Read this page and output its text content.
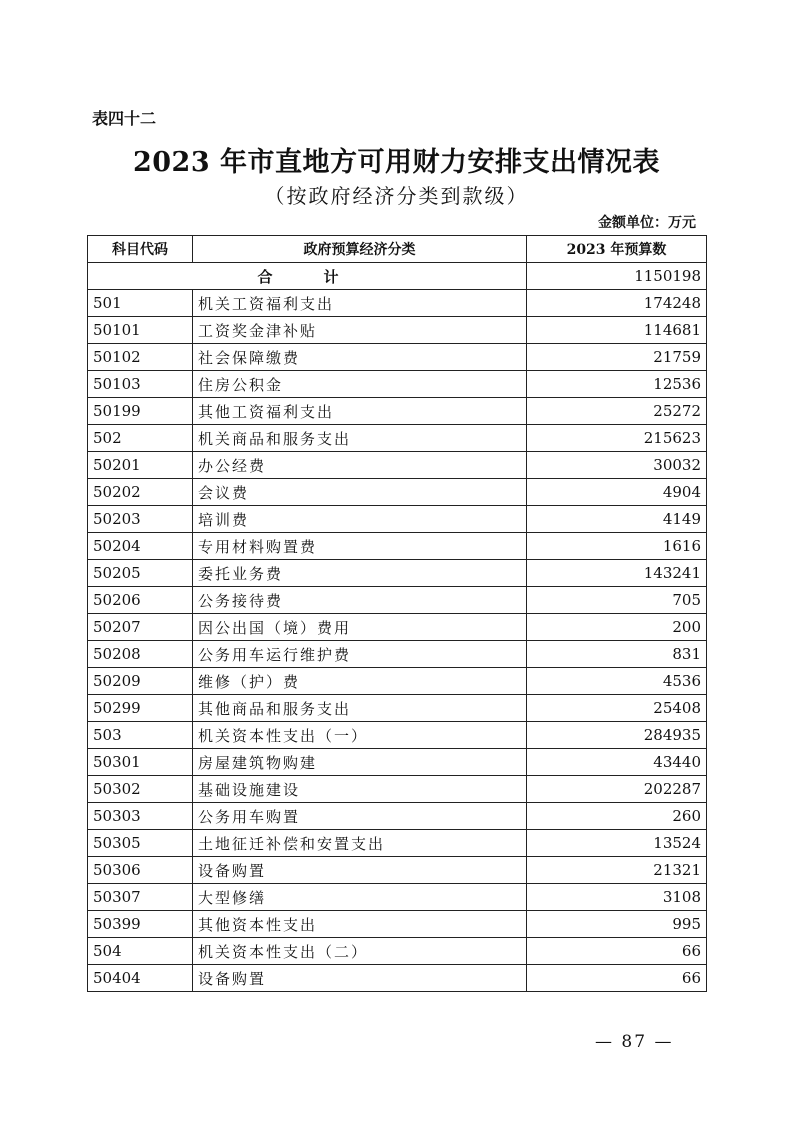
表四十二
2023 年市直地方可用财力安排支出情况表
（按政府经济分类到款级）
金额单位：万元
科目代码	政府预算经济分类	2023 年预算数
合　计		1150198
501	机关工资福利支出	174248
50101	工资奖金津补贴	114681
50102	社会保障缴费	21759
50103	住房公积金	12536
50199	其他工资福利支出	25272
502	机关商品和服务支出	215623
50201	办公经费	30032
50202	会议费	4904
50203	培训费	4149
50204	专用材料购置费	1616
50205	委托业务费	143241
50206	公务接待费	705
50207	因公出国（境）费用	200
50208	公务用车运行维护费	831
50209	维修（护）费	4536
50299	其他商品和服务支出	25408
503	机关资本性支出（一）	284935
50301	房屋建筑物购建	43440
50302	基础设施建设	202287
50303	公务用车购置	260
50305	土地征迁补偿和安置支出	13524
50306	设备购置	21321
50307	大型修缮	3108
50399	其他资本性支出	995
504	机关资本性支出（二）	66
50404	设备购置	66
— 87 —
